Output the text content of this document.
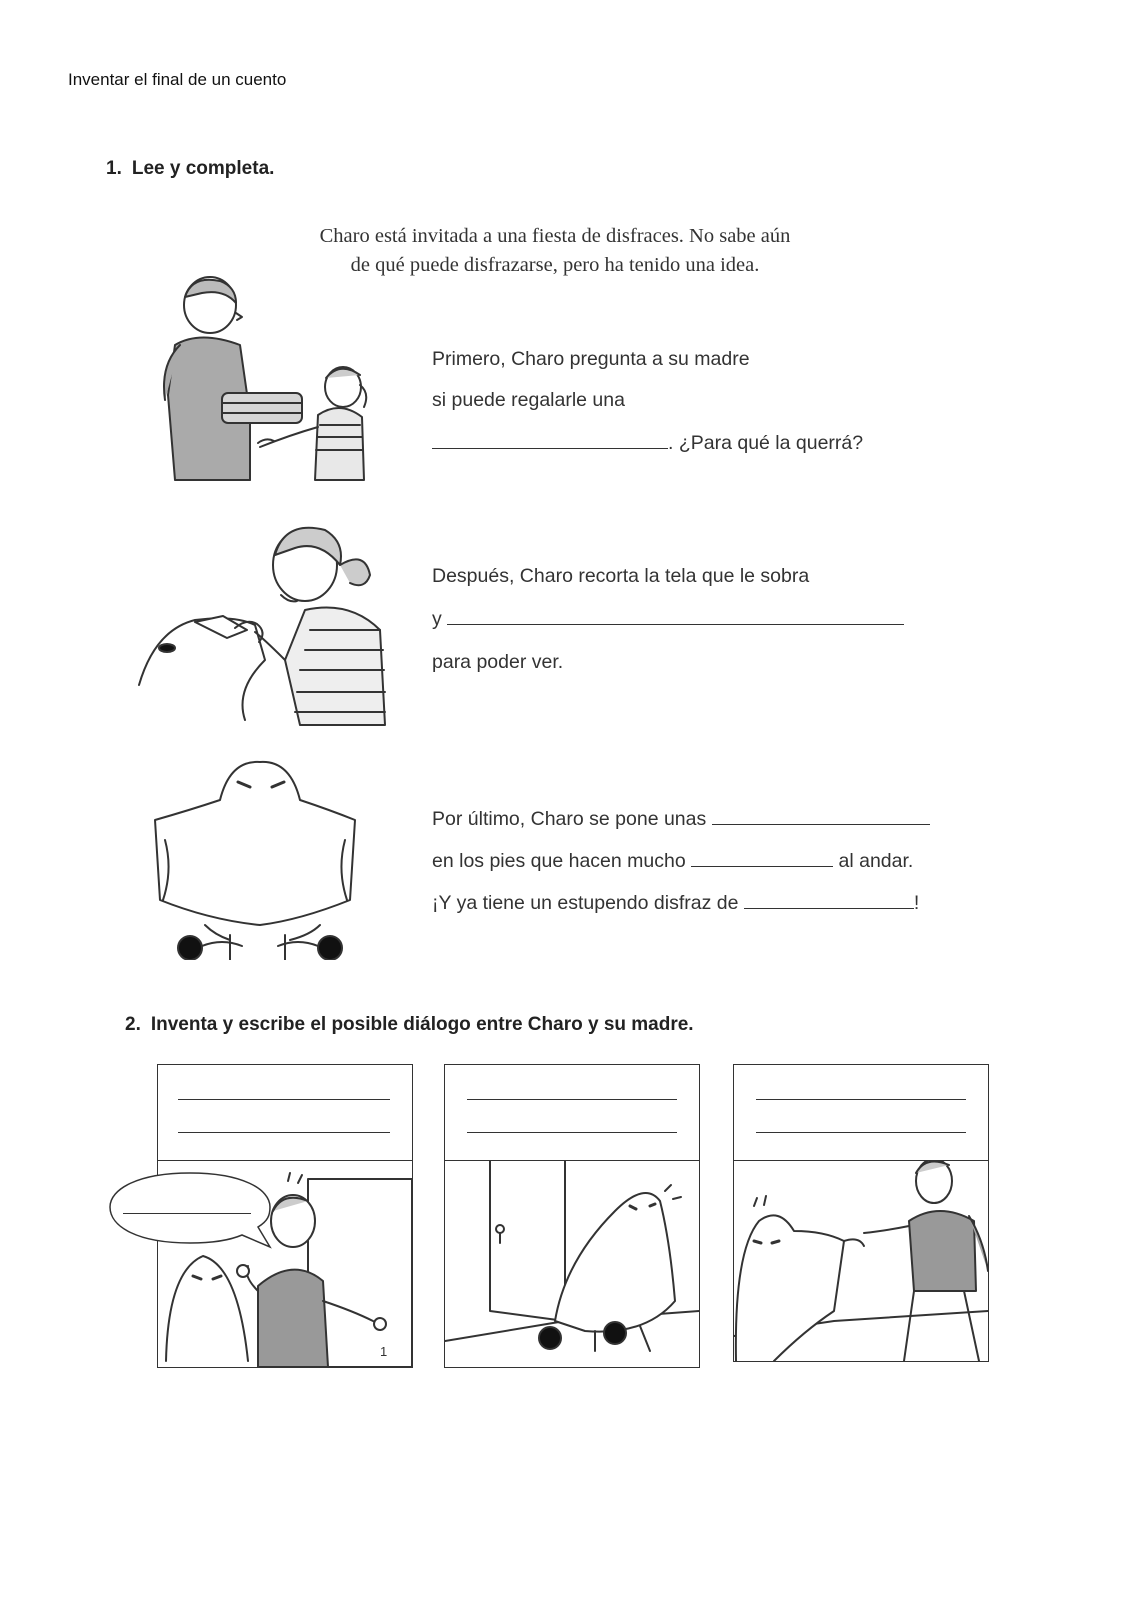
Inventar el final de un cuento
1. Lee y completa.
Charo está invitada a una fiesta de disfraces. No sabe aún
de qué puede disfrazarse, pero ha tenido una idea.
Primero, Charo pregunta a su madre
si puede regalarle una
. ¿Para qué la querrá?
Después, Charo recorta la tela que le sobra
y
para poder ver.
Por último, Charo se pone unas
en los pies que hacen mucho	al andar.
¡Y ya tiene un estupendo disfraz de	!
2. Inventa y escribe el posible diálogo entre Charo y su madre.
1
